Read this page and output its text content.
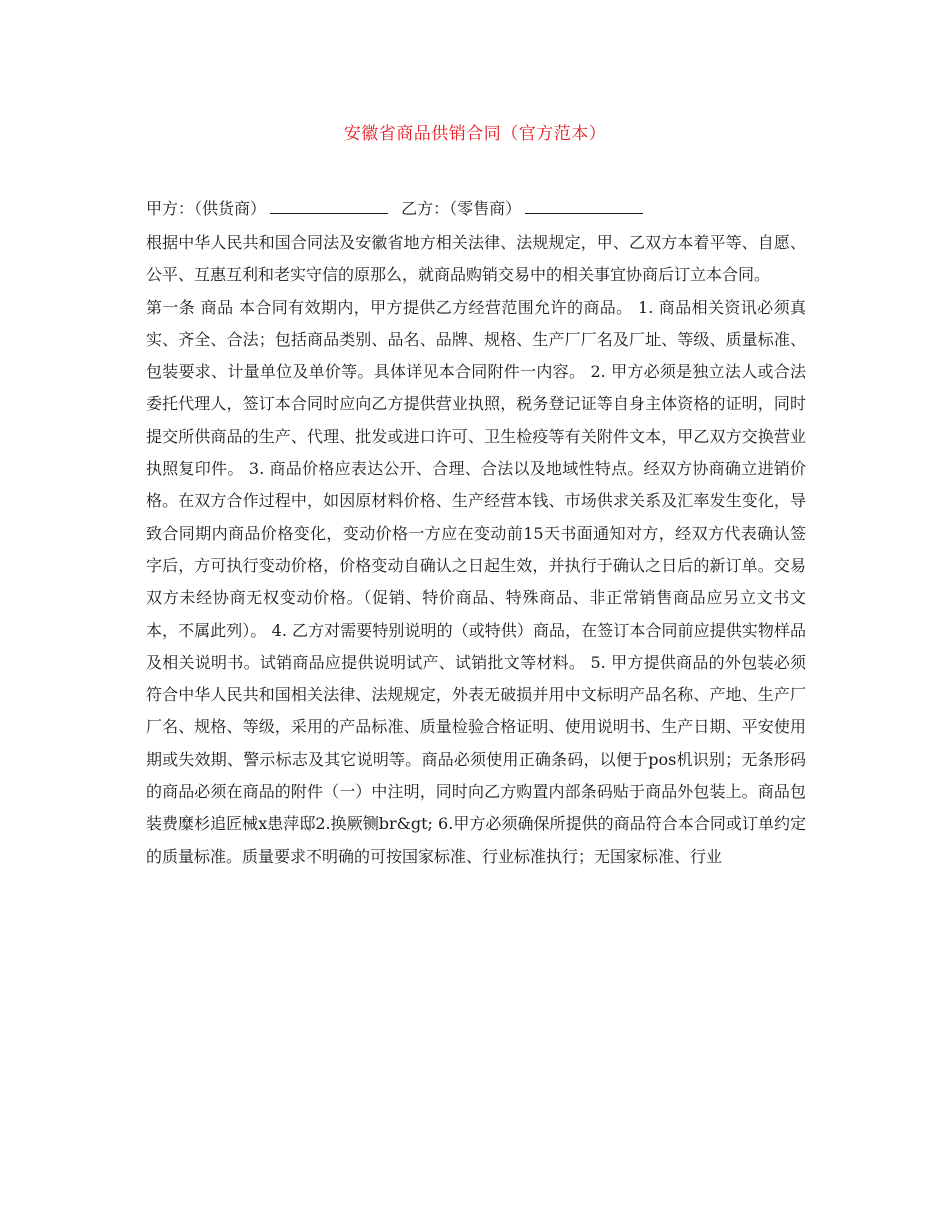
安徽省商品供销合同（官方范本）
甲方：（供货商）	乙方：（零售商）

根据中华人民共和国合同法及安徽省地方相关法律、法规规定，甲、乙双方本着平等、自愿、公平、互惠互利和老实守信的原那么，就商品购销交易中的相关事宜协商后订立本合同。

第一条 商品 本合同有效期内，甲方提供乙方经营范围允许的商品。 1. 商品相关资讯必须真实、齐全、合法；包括商品类别、品名、品牌、规格、生产厂厂名及厂址、等级、质量标准、包装要求、计量单位及单价等。具体详见本合同附件一内容。 2. 甲方必须是独立法人或合法委托代理人，签订本合同时应向乙方提供营业执照，税务登记证等自身主体资格的证明，同时提交所供商品的生产、代理、批发或进口许可、卫生检疫等有关附件文本，甲乙双方交换营业执照复印件。 3. 商品价格应表达公开、合理、合法以及地域性特点。经双方协商确立进销价格。在双方合作过程中，如因原材料价格、生产经营本钱、市场供求关系及汇率发生变化，导致合同期内商品价格变化，变动价格一方应在变动前15天书面通知对方，经双方代表确认签字后，方可执行变动价格，价格变动自确认之日起生效，并执行于确认之日后的新订单。交易双方未经协商无权变动价格。（促销、特价商品、特殊商品、非正常销售商品应另立文书文本，不属此列）。 4. 乙方对需要特别说明的（或特供）商品，在签订本合同前应提供实物样品及相关说明书。试销商品应提供说明试产、试销批文等材料。 5. 甲方提供商品的外包装必须符合中华人民共和国相关法律、法规规定，外表无破损并用中文标明产品名称、产地、生产厂厂名、规格、等级，采用的产品标准、质量检验合格证明、使用说明书、生产日期、平安使用期或失效期、警示标志及其它说明等。商品必须使用正确条码，以便于pos机识别；无条形码的商品必须在商品的附件（一）中注明，同时向乙方购置内部条码贴于商品外包装上。商品包装费糜杉追匠械x患萍邸2.换厥铡br&gt; 6.甲方必须确保所提供的商品符合本合同或订单约定的质量标准。质量要求不明确的可按国家标准、行业标准执行；无国家标准、行业
